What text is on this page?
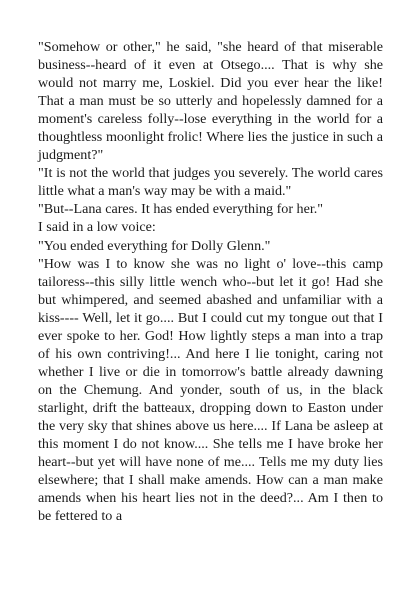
"Somehow or other," he said, "she heard of that miserable business--heard of it even at Otsego.... That is why she would not marry me, Loskiel. Did you ever hear the like! That a man must be so utterly and hopelessly damned for a moment's careless folly--lose everything in the world for a thoughtless moonlight frolic! Where lies the justice in such a judgment?"

"It is not the world that judges you severely. The world cares little what a man's way may be with a maid."

"But--Lana cares. It has ended everything for her."

I said in a low voice:

"You ended everything for Dolly Glenn."

"How was I to know she was no light o' love--this camp tailoress--this silly little wench who--but let it go! Had she but whimpered, and seemed abashed and unfamiliar with a kiss---- Well, let it go.... But I could cut my tongue out that I ever spoke to her. God! How lightly steps a man into a trap of his own contriving!... And here I lie tonight, caring not whether I live or die in tomorrow's battle already dawning on the Chemung. And yonder, south of us, in the black starlight, drift the batteaux, dropping down to Easton under the very sky that shines above us here.... If Lana be asleep at this moment I do not know.... She tells me I have broke her heart--but yet will have none of me.... Tells me my duty lies elsewhere; that I shall make amends. How can a man make amends when his heart lies not in the deed?... Am I then to be fettered to a
